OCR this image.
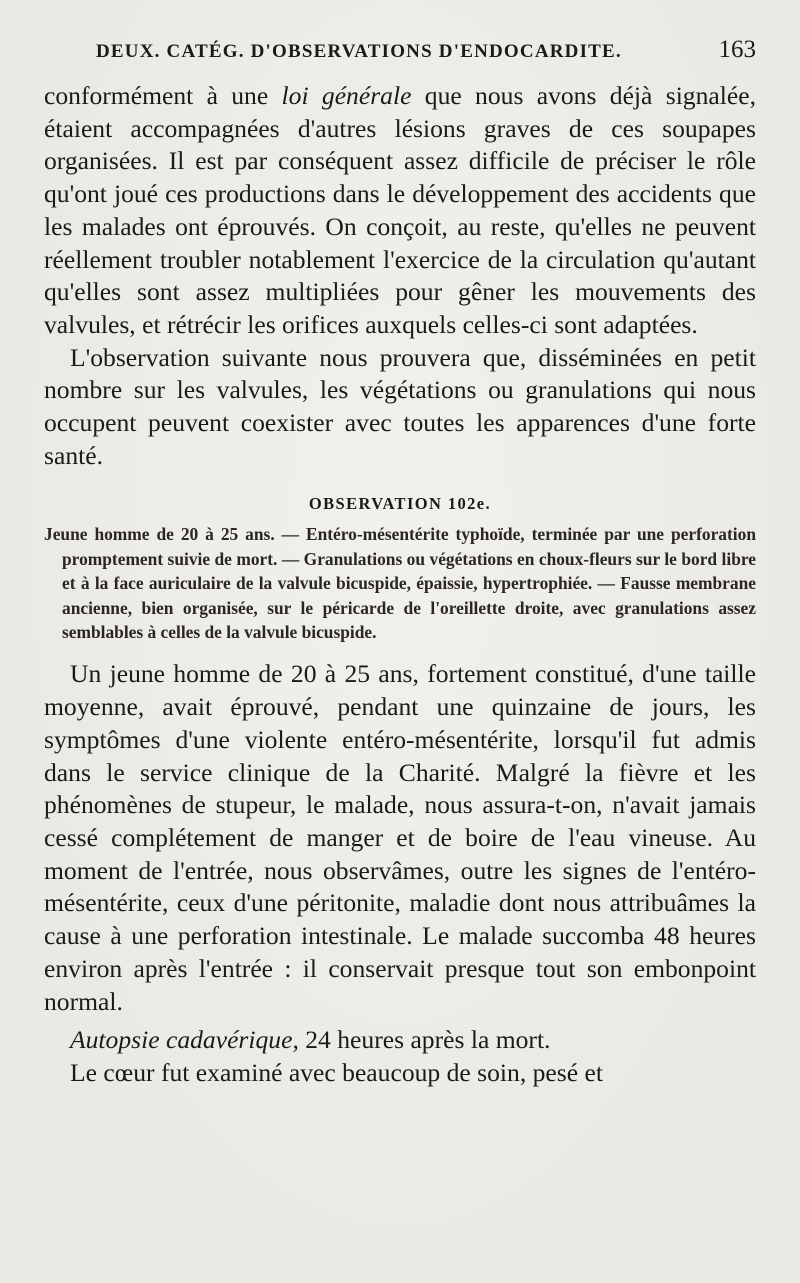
DEUX. CATÉG. D'OBSERVATIONS D'ENDOCARDITE.	163

conformément à une loi générale que nous avons déjà signalée, étaient accompagnées d'autres lésions graves de ces soupapes organisées. Il est par conséquent assez difficile de préciser le rôle qu'ont joué ces productions dans le développement des accidents que les malades ont éprouvés. On conçoit, au reste, qu'elles ne peuvent réellement troubler notablement l'exercice de la circulation qu'autant qu'elles sont assez multipliées pour gêner les mouvements des valvules, et rétrécir les orifices auxquels celles-ci sont adaptées.

L'observation suivante nous prouvera que, disséminées en petit nombre sur les valvules, les végétations ou granulations qui nous occupent peuvent coexister avec toutes les apparences d'une forte santé.

OBSERVATION 102e.
Jeune homme de 20 à 25 ans. — Entéro-mésentérite typhoïde, terminée par une perforation promptement suivie de mort. — Granulations ou végétations en choux-fleurs sur le bord libre et à la face auriculaire de la valvule bicuspide, épaissie, hypertrophiée. — Fausse membrane ancienne, bien organisée, sur le péricarde de l'oreillette droite, avec granulations assez semblables à celles de la valvule bicuspide.

Un jeune homme de 20 à 25 ans, fortement constitué, d'une taille moyenne, avait éprouvé, pendant une quinzaine de jours, les symptômes d'une violente entéro-mésentérite, lorsqu'il fut admis dans le service clinique de la Charité. Malgré la fièvre et les phénomènes de stupeur, le malade, nous assura-t-on, n'avait jamais cessé complétement de manger et de boire de l'eau vineuse. Au moment de l'entrée, nous observâmes, outre les signes de l'entéro-mésentérite, ceux d'une péritonite, maladie dont nous attribuâmes la cause à une perforation intestinale. Le malade succomba 48 heures environ après l'entrée : il conservait presque tout son embonpoint normal.

Autopsie cadavérique, 24 heures après la mort.

Le cœur fut examiné avec beaucoup de soin, pesé et
